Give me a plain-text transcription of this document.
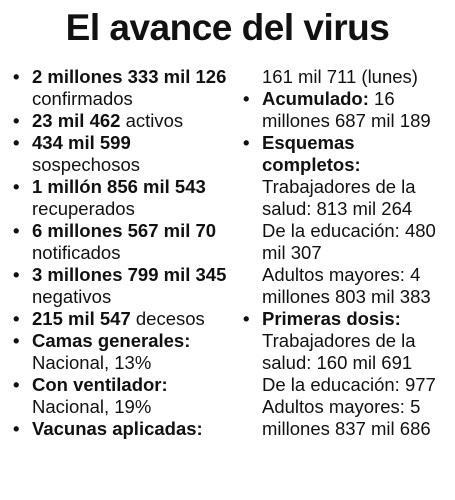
El avance del virus
• 2 millones 333 mil 126 confirmados
• 23 mil 462 activos
• 434 mil 599 sospechosos
• 1 millón 856 mil 543 recuperados
• 6 millones 567 mil 70 notificados
• 3 millones 799 mil 345 negativos
• 215 mil 547 decesos
• Camas generales:
Nacional, 13%
• Con ventilador:
Nacional, 19%
• Vacunas aplicadas:

161 mil 711 (lunes)

• Acumulado: 16 millones 687 mil 189
• Esquemas completos:
Trabajadores de la salud: 813 mil 264
De la educación: 480 mil 307
Adultos mayores: 4 millones 803 mil 383
• Primeras dosis:
Trabajadores de la salud: 160 mil 691
De la educación: 977
Adultos mayores: 5 millones 837 mil 686
